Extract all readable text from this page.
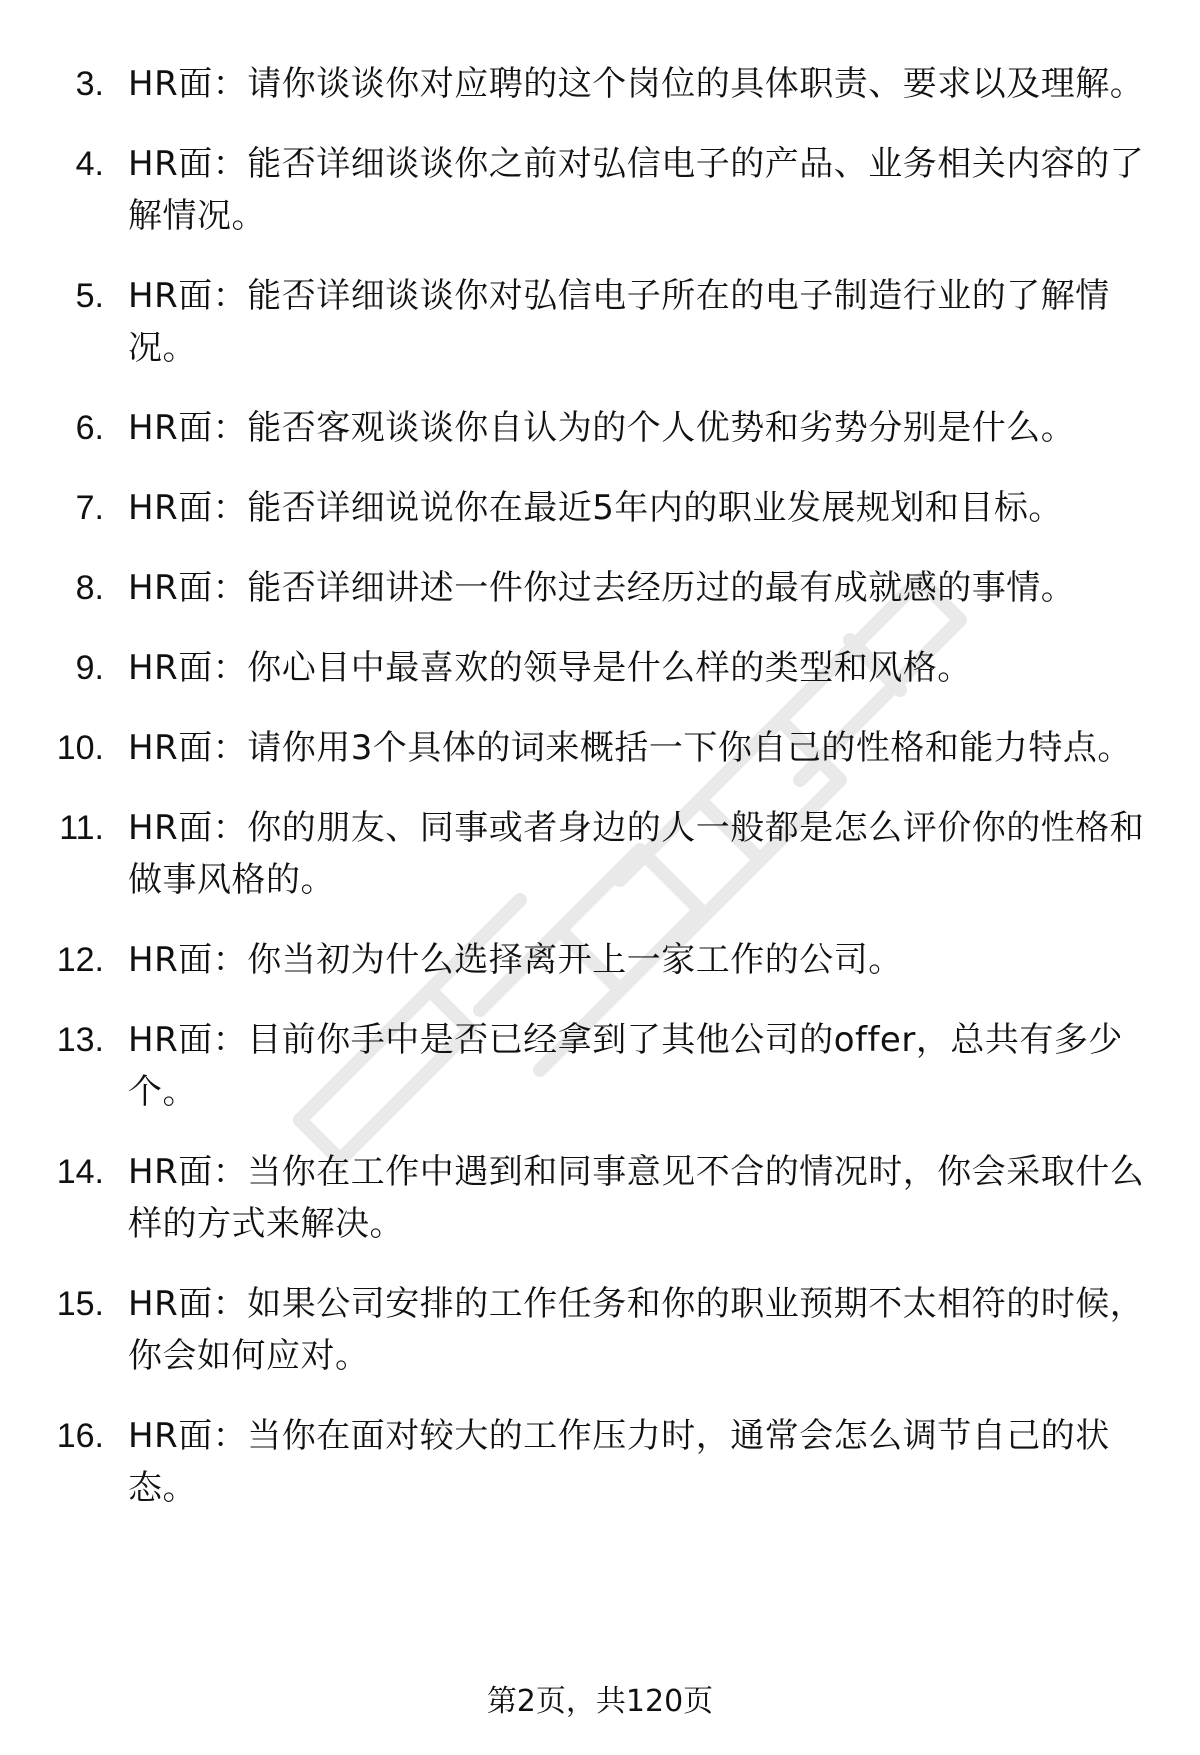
3. HR面：请你谈谈你对应聘的这个岗位的具体职责、要求以及理解。
4. HR面：能否详细谈谈你之前对弘信电子的产品、业务相关内容的了解情况。
5. HR面：能否详细谈谈你对弘信电子所在的电子制造行业的了解情况。
6. HR面：能否客观谈谈你自认为的个人优势和劣势分别是什么。
7. HR面：能否详细说说你在最近5年内的职业发展规划和目标。
8. HR面：能否详细讲述一件你过去经历过的最有成就感的事情。
9. HR面：你心目中最喜欢的领导是什么样的类型和风格。
10. HR面：请你用3个具体的词来概括一下你自己的性格和能力特点。
11. HR面：你的朋友、同事或者身边的人一般都是怎么评价你的性格和做事风格的。
12. HR面：你当初为什么选择离开上一家工作的公司。
13. HR面：目前你手中是否已经拿到了其他公司的offer，总共有多少个。
14. HR面：当你在工作中遇到和同事意见不合的情况时，你会采取什么样的方式来解决。
15. HR面：如果公司安排的工作任务和你的职业预期不太相符的时候，你会如何应对。
16. HR面：当你在面对较大的工作压力时，通常会怎么调节自己的状态。
第2页，共120页
